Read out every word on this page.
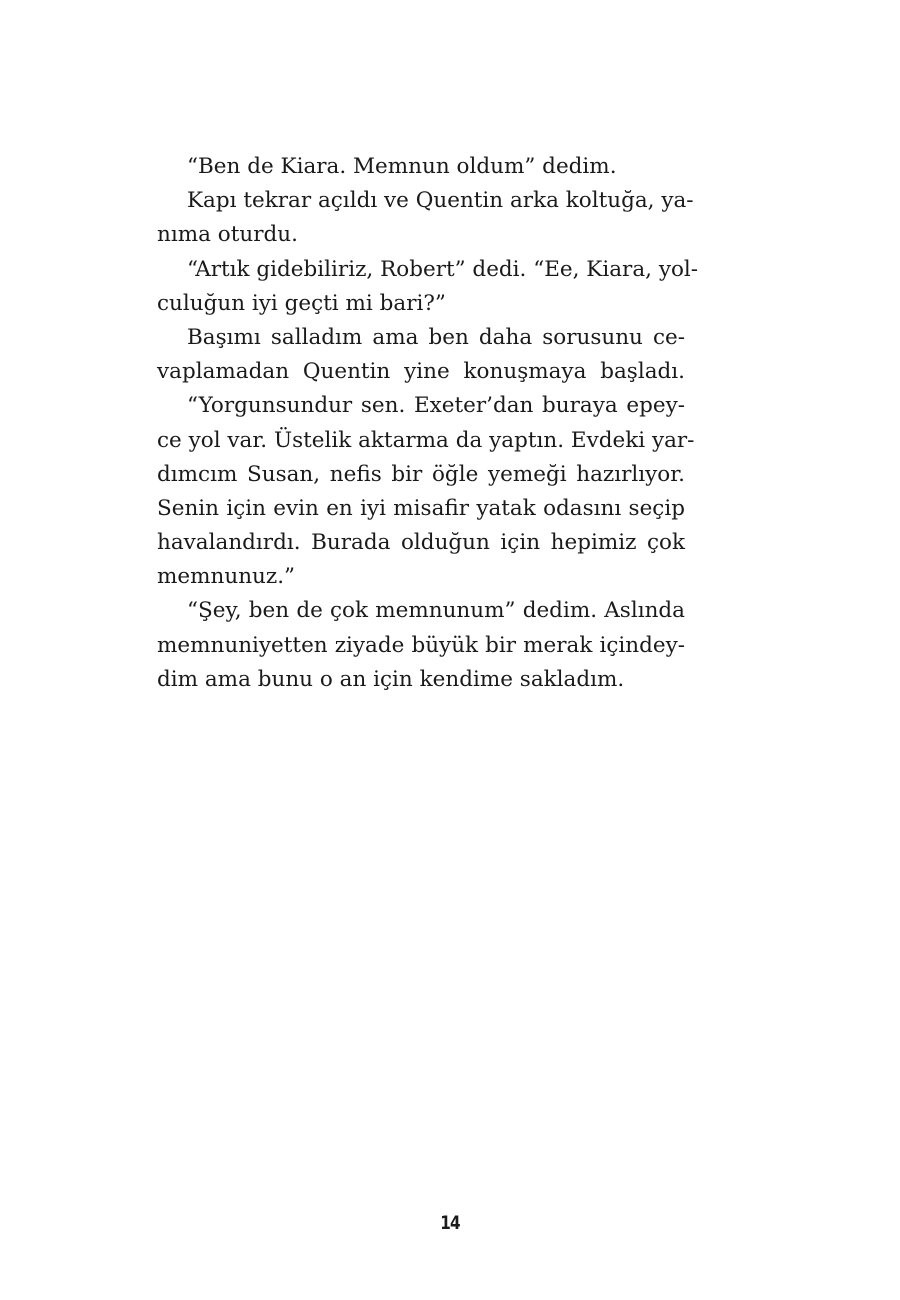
“Ben de Kiara. Memnun oldum” dedim.
Kapı tekrar açıldı ve Quentin arka koltuğa, ya-
nıma oturdu.
“Artık gidebiliriz, Robert” dedi. “Ee, Kiara, yol-
culuğun iyi geçti mi bari?”
Başımı salladım ama ben daha sorusunu ce-
vaplamadan Quentin yine konuşmaya başladı.
“Yorgunsundur sen. Exeter’dan buraya epey-
ce yol var. Üstelik aktarma da yaptın. Evdeki yar-
dımcım Susan, nefis bir öğle yemeği hazırlıyor.
Senin için evin en iyi misafir yatak odasını seçip
havalandırdı. Burada olduğun için hepimiz çok
memnunuz.”
“Şey, ben de çok memnunum” dedim. Aslında
memnuniyetten ziyade büyük bir merak içindey-
dim ama bunu o an için kendime sakladım.
14
